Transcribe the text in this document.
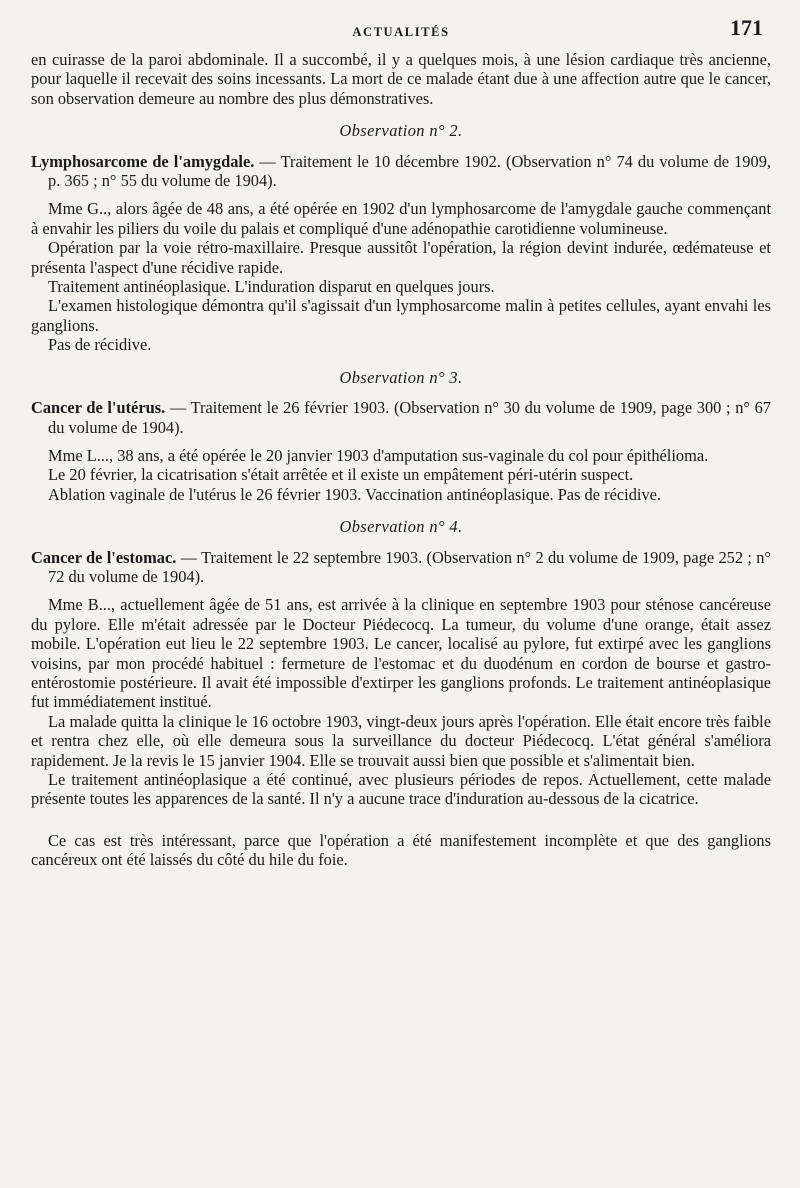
ACTUALITÉS	171

en cuirasse de la paroi abdominale. Il a succombé, il y a quelques mois, à une lésion cardiaque très ancienne, pour laquelle il recevait des soins incessants. La mort de ce malade étant due à une affection autre que le cancer, son observation demeure au nombre des plus démonstratives.

Observation n° 2.

Lymphosarcome de l'amygdale. — Traitement le 10 décembre 1902. (Observation n° 74 du volume de 1909, p. 365 ; n° 55 du volume de 1904).

Mme G.., alors âgée de 48 ans, a été opérée en 1902 d'un lymphosarcome de l'amygdale gauche commençant à envahir les piliers du voile du palais et compliqué d'une adénopathie carotidienne volumineuse.

Opération par la voie rétro-maxillaire. Presque aussitôt l'opération, la région devint indurée, œdémateuse et présenta l'aspect d'une récidive rapide.

Traitement antinéoplasique. L'induration disparut en quelques jours.

L'examen histologique démontra qu'il s'agissait d'un lymphosarcome malin à petites cellules, ayant envahi les ganglions.

Pas de récidive.

Observation n° 3.

Cancer de l'utérus. — Traitement le 26 février 1903. (Observation n° 30 du volume de 1909, page 300 ; n° 67 du volume de 1904).

Mme L..., 38 ans, a été opérée le 20 janvier 1903 d'amputation sus-vaginale du col pour épithélioma.

Le 20 février, la cicatrisation s'était arrêtée et il existe un empâtement péri-utérin suspect.

Ablation vaginale de l'utérus le 26 février 1903. Vaccination antinéoplasique. Pas de récidive.

Observation n° 4.

Cancer de l'estomac. — Traitement le 22 septembre 1903. (Observation n° 2 du volume de 1909, page 252 ; n° 72 du volume de 1904).

Mme B..., actuellement âgée de 51 ans, est arrivée à la clinique en septembre 1903 pour sténose cancéreuse du pylore. Elle m'était adressée par le Docteur Piédecocq. La tumeur, du volume d'une orange, était assez mobile. L'opération eut lieu le 22 septembre 1903. Le cancer, localisé au pylore, fut extirpé avec les ganglions voisins, par mon procédé habituel : fermeture de l'estomac et du duodénum en cordon de bourse et gastro-entérostomie postérieure. Il avait été impossible d'extirper les ganglions profonds. Le traitement antinéoplasique fut immédiatement institué.

La malade quitta la clinique le 16 octobre 1903, vingt-deux jours après l'opération. Elle était encore très faible et rentra chez elle, où elle demeura sous la surveillance du docteur Piédecocq. L'état général s'améliora rapidement. Je la revis le 15 janvier 1904. Elle se trouvait aussi bien que possible et s'alimentait bien.

Le traitement antinéoplasique a été continué, avec plusieurs périodes de repos. Actuellement, cette malade présente toutes les apparences de la santé. Il n'y a aucune trace d'induration au-dessous de la cicatrice.

Ce cas est très intéressant, parce que l'opération a été manifestement incomplète et que des ganglions cancéreux ont été laissés du côté du hile du foie.
